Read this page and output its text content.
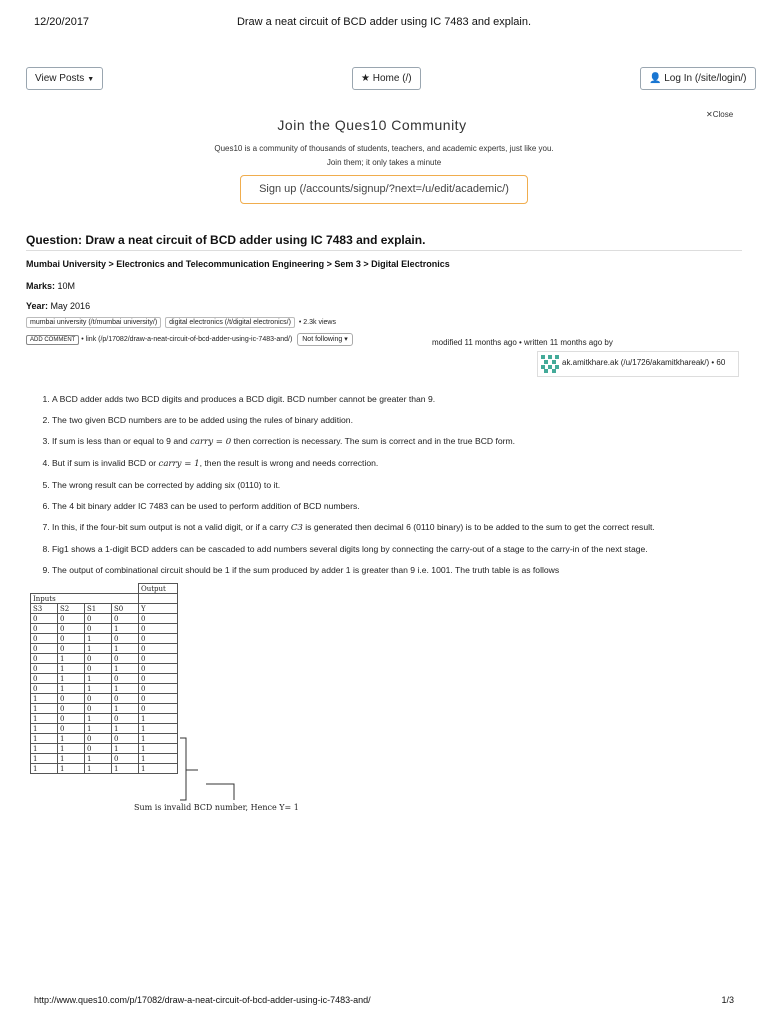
12/20/2017	Draw a neat circuit of BCD adder using IC 7483 and explain.
View Posts ▼	★ Home (/)	👤 Log In (/site/login/)
✕Close
Join the Ques10 Community
Ques10 is a community of thousands of students, teachers, and academic experts, just like you.
Join them; it only takes a minute
Sign up (/accounts/signup/?next=/u/edit/academic/)
Question: Draw a neat circuit of BCD adder using IC 7483 and explain.
Mumbai University > Electronics and Telecommunication Engineering > Sem 3 > Digital Electronics
Marks: 10M
Year: May 2016
mumbai university (/t/mumbai university/) digital electronics (/t/digital electronics/) • 2.3k views
ADD COMMENT • link (/p/17082/draw-a-neat-circuit-of-bcd-adder-using-ic-7483-and/) Not following ▾	modified 11 months ago • written 11 months ago by
ak.amitkhare.ak (/u/1726/akamitkhareak/) • 60
1. A BCD adder adds two BCD digits and produces a BCD digit. BCD number cannot be greater than 9.
2. The two given BCD numbers are to be added using the rules of binary addition.
3. If sum is less than or equal to 9 and carry = 0 then correction is necessary. The sum is correct and in the true BCD form.
4. But if sum is invalid BCD or carry = 1, then the result is wrong and needs correction.
5. The wrong result can be corrected by adding six (0110) to it.
6. The 4 bit binary adder IC 7483 can be used to perform addition of BCD numbers.
7. In this, if the four-bit sum output is not a valid digit, or if a carry C3 is generated then decimal 6 (0110 binary) is to be added to the sum to get the correct result.
8. Fig1 shows a 1-digit BCD adders can be cascaded to add numbers several digits long by connecting the carry-out of a stage to the carry-in of the next stage.
9. The output of combinational circuit should be 1 if the sum produced by adder 1 is greater than 9 i.e. 1001. The truth table is as follows
				Output
Inputs				
S3	S2	S1	S0	Y
0	0	0	0	0
0	0	0	1	0
0	0	1	0	0
0	0	1	1	0
0	1	0	0	0
0	1	0	1	0
0	1	1	0	0
0	1	1	1	0
1	0	0	0	0
1	0	0	1	0
1	0	1	0	1
1	0	1	1	1
1	1	0	0	1
1	1	0	1	1
1	1	1	0	1
1	1	1	1	1
Sum is invalid BCD number, Hence Y= 1
http://www.ques10.com/p/17082/draw-a-neat-circuit-of-bcd-adder-using-ic-7483-and/	1/3
